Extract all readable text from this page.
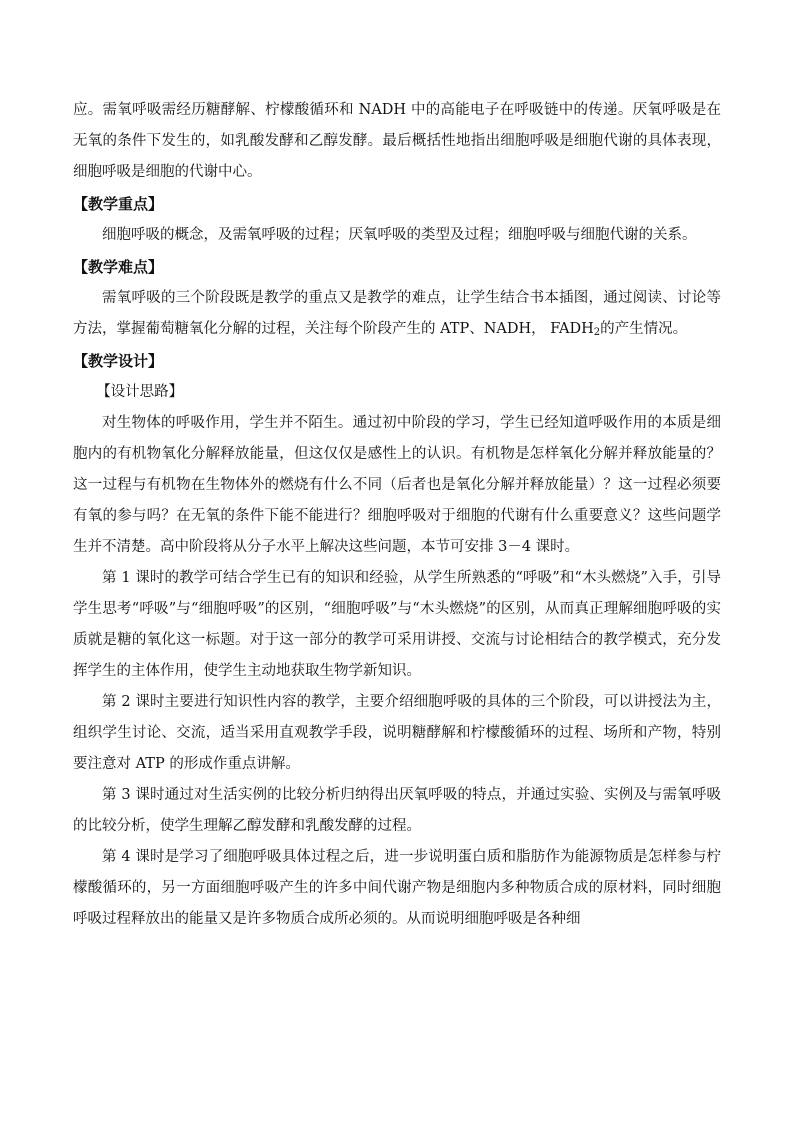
应。需氧呼吸需经历糖酵解、柠檬酸循环和 NADH 中的高能电子在呼吸链中的传递。厌氧呼吸是在无氧的条件下发生的，如乳酸发酵和乙醇发酵。最后概括性地指出细胞呼吸是细胞代谢的具体表现，细胞呼吸是细胞的代谢中心。

【教学重点】

细胞呼吸的概念，及需氧呼吸的过程；厌氧呼吸的类型及过程；细胞呼吸与细胞代谢的关系。

【教学难点】

需氧呼吸的三个阶段既是教学的重点又是教学的难点，让学生结合书本插图，通过阅读、讨论等方法，掌握葡萄糖氧化分解的过程，关注每个阶段产生的 ATP、NADH， $FADH_2$的产生情况。

【教学设计】

【设计思路】

对生物体的呼吸作用，学生并不陌生。通过初中阶段的学习，学生已经知道呼吸作用的本质是细胞内的有机物氧化分解释放能量，但这仅仅是感性上的认识。有机物是怎样氧化分解并释放能量的？这一过程与有机物在生物体外的燃烧有什么不同（后者也是氧化分解并释放能量）？这一过程必须要有氧的参与吗？在无氧的条件下能不能进行？细胞呼吸对于细胞的代谢有什么重要意义？这些问题学生并不清楚。高中阶段将从分子水平上解决这些问题，本节可安排 3－4 课时。

第 1 课时的教学可结合学生已有的知识和经验，从学生所熟悉的“呼吸”和“木头燃烧”入手，引导学生思考“呼吸”与“细胞呼吸”的区别，“细胞呼吸”与“木头燃烧”的区别，从而真正理解细胞呼吸的实质就是糖的氧化这一标题。对于这一部分的教学可采用讲授、交流与讨论相结合的教学模式，充分发挥学生的主体作用，使学生主动地获取生物学新知识。

第 2 课时主要进行知识性内容的教学，主要介绍细胞呼吸的具体的三个阶段，可以讲授法为主，组织学生讨论、交流，适当采用直观教学手段，说明糖酵解和柠檬酸循环的过程、场所和产物，特别要注意对 ATP 的形成作重点讲解。

第 3 课时通过对生活实例的比较分析归纳得出厌氧呼吸的特点，并通过实验、实例及与需氧呼吸的比较分析，使学生理解乙醇发酵和乳酸发酵的过程。

第 4 课时是学习了细胞呼吸具体过程之后，进一步说明蛋白质和脂肪作为能源物质是怎样参与柠檬酸循环的，另一方面细胞呼吸产生的许多中间代谢产物是细胞内多种物质合成的原材料，同时细胞呼吸过程释放出的能量又是许多物质合成所必须的。从而说明细胞呼吸是各种细
